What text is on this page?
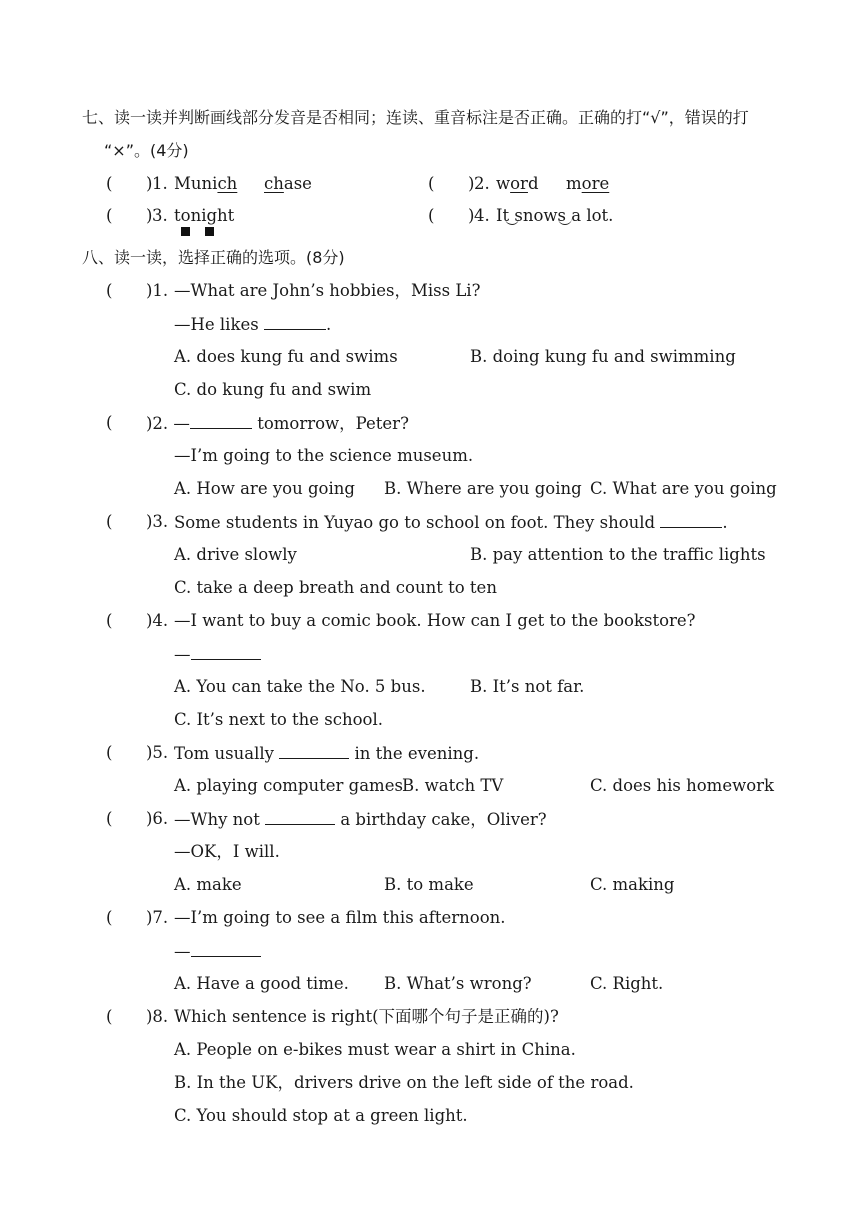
七、读一读并判断画线部分发音是否相同；连读、重音标注是否正确。正确的打“√”，错误的打
“×”。(4分)
( ) 1. Munich chase	( ) 2. word more
( ) 3. tonight	( ) 4. It snows a lot.
八、读一读，选择正确的选项。(8分)
( )1. —What are John’s hobbies，Miss Li?
—He likes	.
A. does kung fu and swims	B. doing kung fu and swimming
C. do kung fu and swim
( )2. —	tomorrow，Peter?
—I’m going to the science museum.
A. How are you going B. Where are you going C. What are you going
( )3. Some students in Yuyao go to school on foot. They should	.
A. drive slowly	B. pay attention to the traffic lights
C. take a deep breath and count to ten
( )4. —I want to buy a comic book. How can I get to the bookstore?
—
A. You can take the No. 5 bus.	B. It’s not far.
C. It’s next to the school.
( )5. Tom usually	in the evening.
A. playing computer games B. watch TV	C. does his homework
( )6. —Why not	a birthday cake，Oliver?
—OK，I will.
A. make	B. to make	C. making
( )7. —I’m going to see a film this afternoon.
—
A. Have a good time. B. What’s wrong?	C. Right.
( )8. Which sentence is right(下面哪个句子是正确的)?
A. People on e-bikes must wear a shirt in China.
B. In the UK，drivers drive on the left side of the road.
C. You should stop at a green light.
